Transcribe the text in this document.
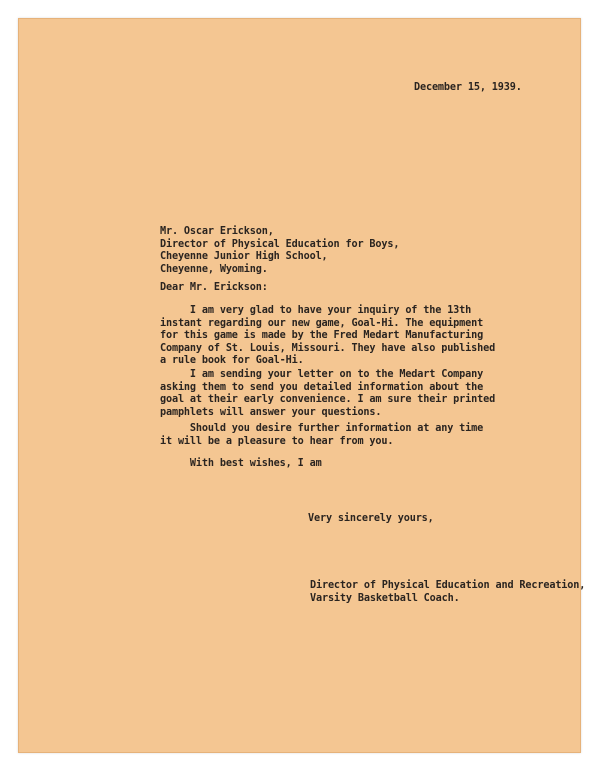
December 15, 1939.
Mr. Oscar Erickson,
Director of Physical Education for Boys,
Cheyenne Junior High School,
Cheyenne, Wyoming.
Dear Mr. Erickson:
I am very glad to have your inquiry of the 13th
instant regarding our new game, Goal-Hi. The equipment
for this game is made by the Fred Medart Manufacturing
Company of St. Louis, Missouri. They have also published
a rule book for Goal-Hi.
I am sending your letter on to the Medart Company
asking them to send you detailed information about the
goal at their early convenience. I am sure their printed
pamphlets will answer your questions.
Should you desire further information at any time
it will be a pleasure to hear from you.
With best wishes, I am
Very sincerely yours,
Director of Physical Education and Recreation,
Varsity Basketball Coach.
